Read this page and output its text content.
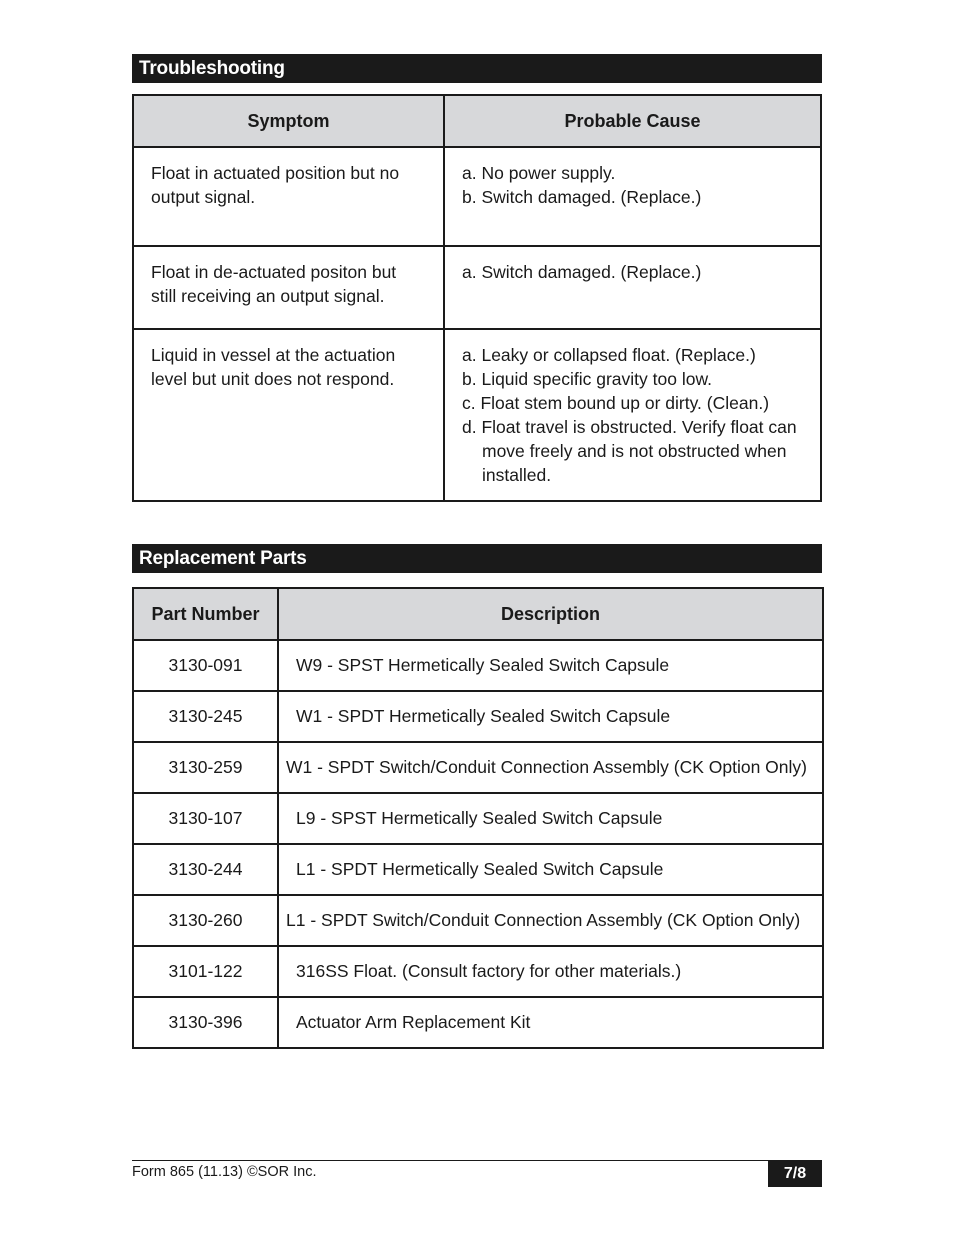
Troubleshooting
Symptom	Probable Cause

Float in actuated position but no
output signal.	a. No power supply.
b. Switch damaged. (Replace.)

Float in de-actuated positon but
still receiving an output signal.	a. Switch damaged. (Replace.)

Liquid in vessel at the actuation
level but unit does not respond.	a. Leaky or collapsed float. (Replace.)
b. Liquid specific gravity too low.
c. Float stem bound up or dirty. (Clean.)
d. Float travel is obstructed. Verify float can move freely and is not obstructed when installed.
Replacement Parts
Part Number	Description
3130-091	W9 - SPST Hermetically Sealed Switch Capsule
3130-245	W1 - SPDT Hermetically Sealed Switch Capsule
3130-259	W1 - SPDT Switch/Conduit Connection Assembly (CK Option Only)
3130-107	L9 - SPST Hermetically Sealed Switch Capsule
3130-244	L1 - SPDT Hermetically Sealed Switch Capsule
3130-260	L1 - SPDT Switch/Conduit Connection Assembly (CK Option Only)
3101-122	316SS Float. (Consult factory for other materials.)
3130-396	Actuator Arm Replacement Kit
Form 865 (11.13) ©SOR Inc.	7/8
